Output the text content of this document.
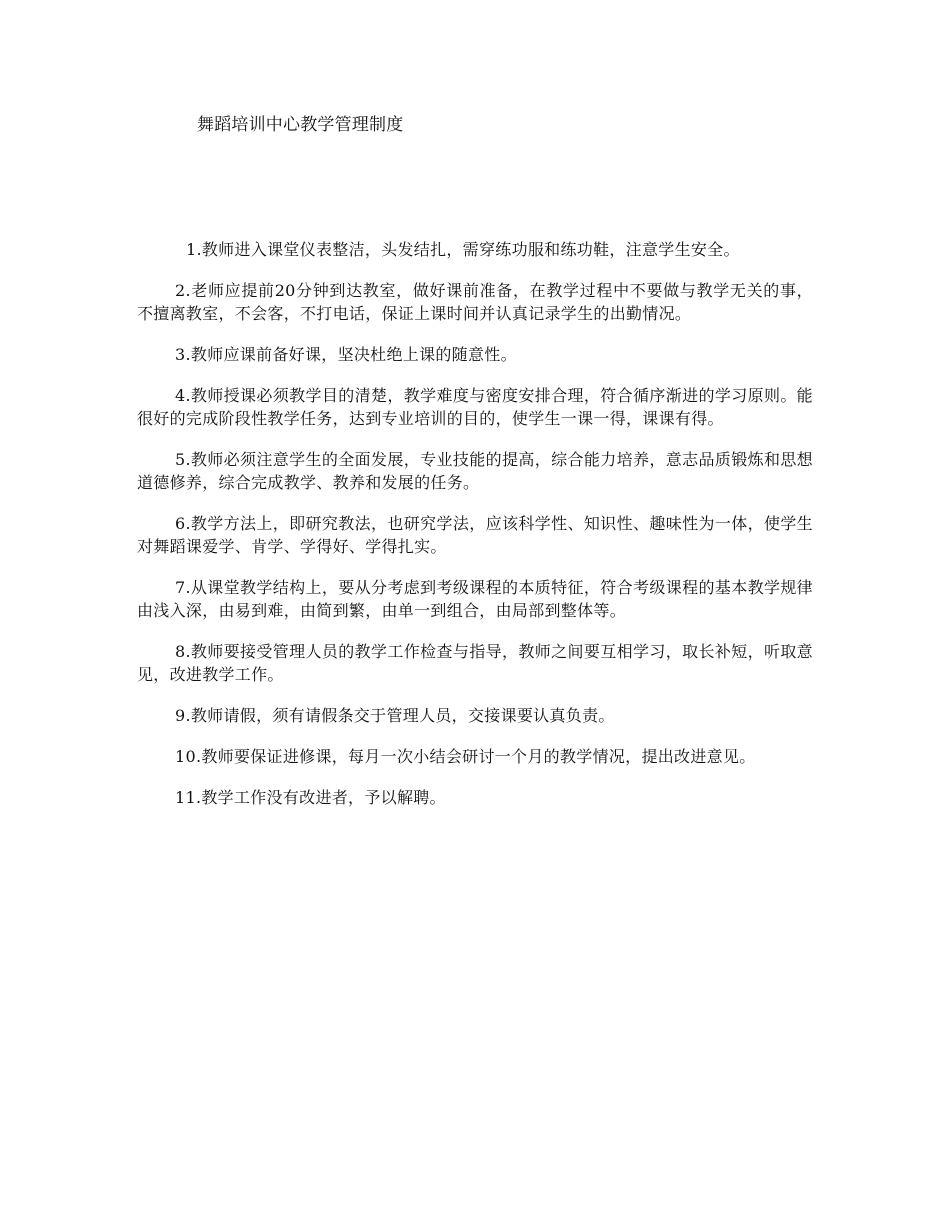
舞蹈培训中心教学管理制度

1.教师进入课堂仪表整洁，头发结扎，需穿练功服和练功鞋，注意学生安全。

2.老师应提前20分钟到达教室，做好课前准备，在教学过程中不要做与教学无关的事，不擅离教室，不会客，不打电话，保证上课时间并认真记录学生的出勤情况。

3.教师应课前备好课，坚决杜绝上课的随意性。

4.教师授课必须教学目的清楚，教学难度与密度安排合理，符合循序渐进的学习原则。能很好的完成阶段性教学任务，达到专业培训的目的，使学生一课一得，课课有得。

5.教师必须注意学生的全面发展，专业技能的提高，综合能力培养，意志品质锻炼和思想道德修养，综合完成教学、教养和发展的任务。

6.教学方法上，即研究教法，也研究学法，应该科学性、知识性、趣味性为一体，使学生对舞蹈课爱学、肯学、学得好、学得扎实。

7.从课堂教学结构上，要从分考虑到考级课程的本质特征，符合考级课程的基本教学规律由浅入深，由易到难，由简到繁，由单一到组合，由局部到整体等。

8.教师要接受管理人员的教学工作检查与指导，教师之间要互相学习，取长补短，听取意见，改进教学工作。

9.教师请假，须有请假条交于管理人员，交接课要认真负责。

10.教师要保证进修课，每月一次小结会研讨一个月的教学情况，提出改进意见。

11.教学工作没有改进者，予以解聘。
